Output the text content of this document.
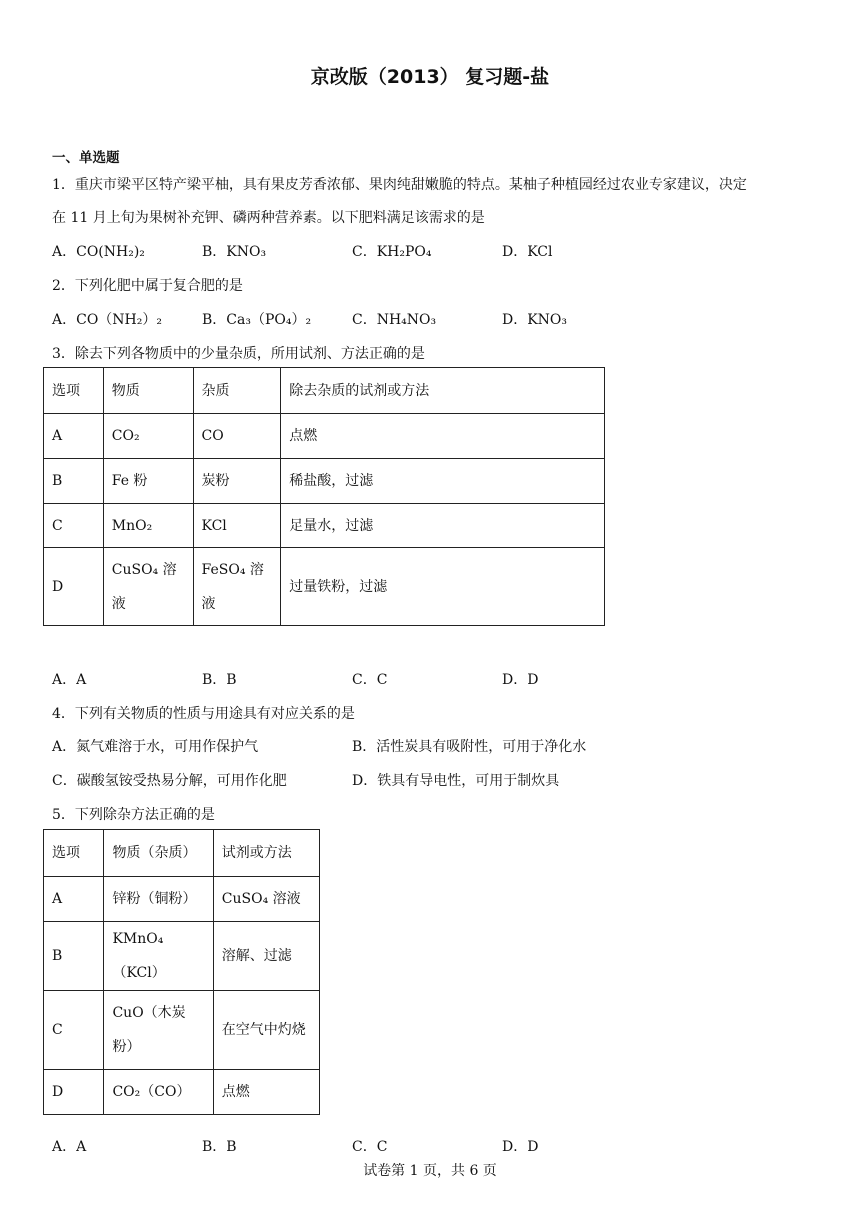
京改版（2013） 复习题-盐
一、单选题
1．重庆市梁平区特产梁平柚，具有果皮芳香浓郁、果肉纯甜嫩脆的特点。某柚子种植园经过农业专家建议，决定
在 11 月上旬为果树补充钾、磷两种营养素。以下肥料满足该需求的是
A．CO(NH₂)₂	B．KNO₃	C．KH₂PO₄	D．KCl
2．下列化肥中属于复合肥的是
A．CO（NH₂）₂	B．Ca₃（PO₄）₂	C．NH₄NO₃	D．KNO₃
3．除去下列各物质中的少量杂质，所用试剂、方法正确的是
选项	物质	杂质	除去杂质的试剂或方法
A	CO₂	CO	点燃
B	Fe 粉	炭粉	稀盐酸，过滤
C	MnO₂	KCl	足量水，过滤
D	CuSO₄ 溶液	FeSO₄ 溶液	过量铁粉，过滤
A．A	B．B	C．C	D．D
4．下列有关物质的性质与用途具有对应关系的是
A．氮气难溶于水，可用作保护气	B．活性炭具有吸附性，可用于净化水
C．碳酸氢铵受热易分解，可用作化肥	D．铁具有导电性，可用于制炊具
5．下列除杂方法正确的是
选项	物质（杂质）	试剂或方法
A	锌粉（铜粉）	CuSO₄ 溶液
B	KMnO₄（KCl）	溶解、过滤
C	CuO（木炭粉）	在空气中灼烧
D	CO₂（CO）	点燃
A．A	B．B	C．C	D．D
试卷第 1 页，共 6 页
